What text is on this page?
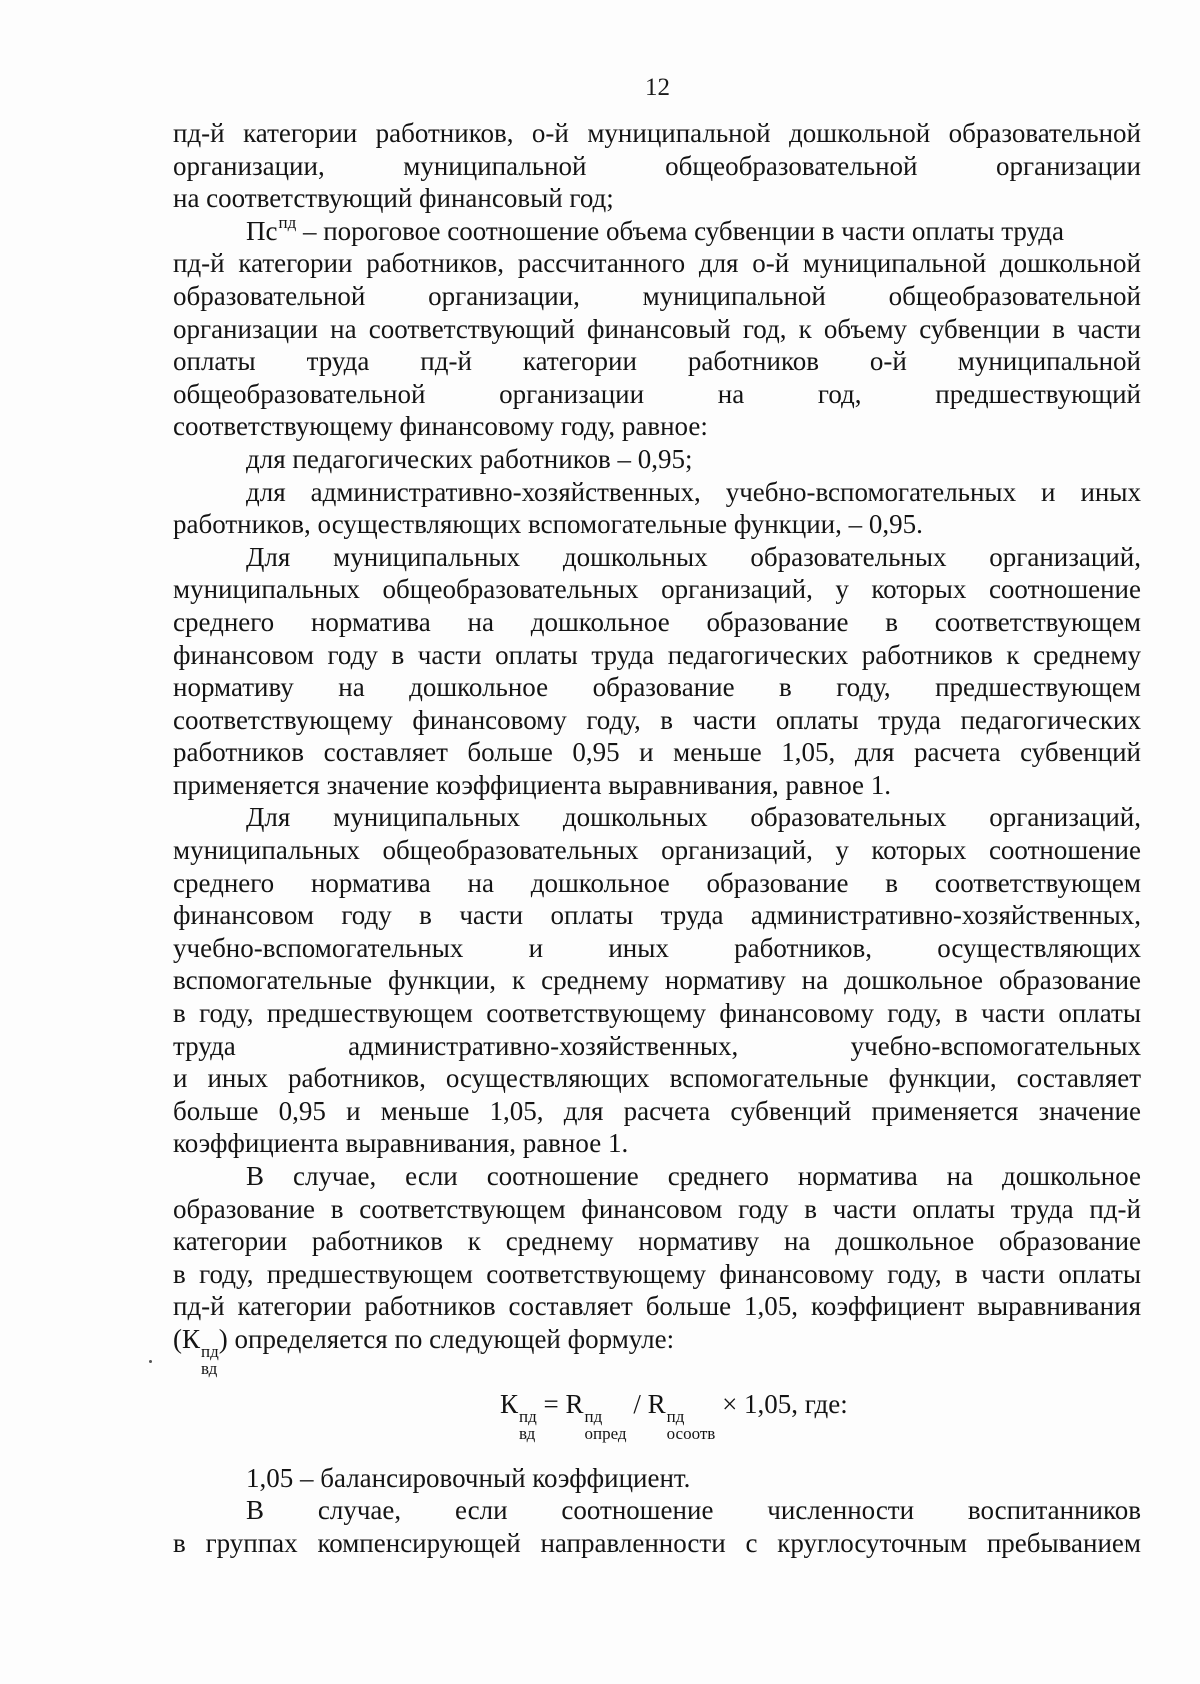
12
пд-й категории работников, о-й муниципальной дошкольной образовательной
организации, муниципальной общеобразовательной организации
на соответствующий финансовый год;
$Пс^{пд}$ – пороговое соотношение объема субвенции в части оплаты труда
пд-й категории работников, рассчитанного для о-й муниципальной дошкольной
образовательной организации, муниципальной общеобразовательной
организации на соответствующий финансовый год, к объему субвенции в части
оплаты труда пд-й категории работников о-й муниципальной
общеобразовательной организации на год, предшествующий
соответствующему финансовому году, равное:
для педагогических работников – 0,95;
для административно-хозяйственных, учебно-вспомогательных и иных
работников, осуществляющих вспомогательные функции, – 0,95.
Для муниципальных дошкольных образовательных организаций,
муниципальных общеобразовательных организаций, у которых соотношение
среднего норматива на дошкольное образование в соответствующем
финансовом году в части оплаты труда педагогических работников к среднему
нормативу на дошкольное образование в году, предшествующем
соответствующему финансовому году, в части оплаты труда педагогических
работников составляет больше 0,95 и меньше 1,05, для расчета субвенций
применяется значение коэффициента выравнивания, равное 1.
Для муниципальных дошкольных образовательных организаций,
муниципальных общеобразовательных организаций, у которых соотношение
среднего норматива на дошкольное образование в соответствующем
финансовом году в части оплаты труда административно-хозяйственных,
учебно-вспомогательных и иных работников, осуществляющих
вспомогательные функции, к среднему нормативу на дошкольное образование
в году, предшествующем соответствующему финансовому году, в части оплаты
труда административно-хозяйственных, учебно-вспомогательных
и иных работников, осуществляющих вспомогательные функции, составляет
больше 0,95 и меньше 1,05, для расчета субвенций применяется значение
коэффициента выравнивания, равное 1.
В случае, если соотношение среднего норматива на дошкольное
образование в соответствующем финансовом году в части оплаты труда пд-й
категории работников к среднему нормативу на дошкольное образование
в году, предшествующем соответствующему финансовому году, в части оплаты
пд-й категории работников составляет больше 1,05, коэффициент выравнивания
(К пд
вд
) определяется по следующей формуле:
К пд
вд
= R пд
опред
/ R пд
осоотв
× 1,05, где:
1,05 – балансировочный коэффициент.
В случае, если соотношение численности воспитанников
в группах компенсирующей направленности с круглосуточным пребыванием
